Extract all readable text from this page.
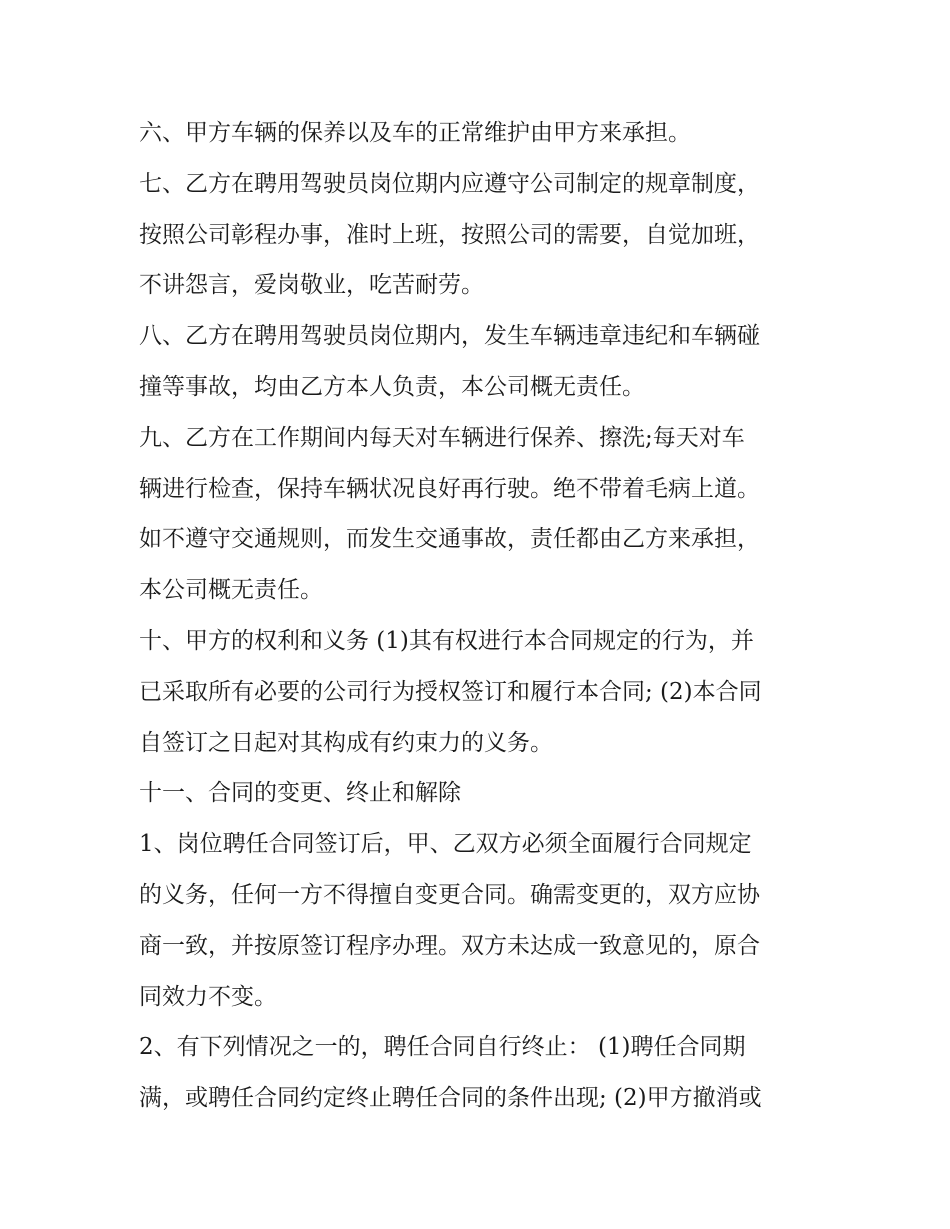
六、甲方车辆的保养以及车的正常维护由甲方来承担。

七、乙方在聘用驾驶员岗位期内应遵守公司制定的规章制度，

按照公司彰程办事，准时上班，按照公司的需要，自觉加班，

不讲怨言，爱岗敬业，吃苦耐劳。

八、乙方在聘用驾驶员岗位期内，发生车辆违章违纪和车辆碰

撞等事故，均由乙方本人负责，本公司概无责任。

九、乙方在工作期间内每天对车辆进行保养、擦洗;每天对车

辆进行检查，保持车辆状况良好再行驶。绝不带着毛病上道。

如不遵守交通规则，而发生交通事故，责任都由乙方来承担，

本公司概无责任。

十、甲方的权利和义务 (1)其有权进行本合同规定的行为，并

已采取所有必要的公司行为授权签订和履行本合同; (2)本合同

自签订之日起对其构成有约束力的义务。

十一、合同的变更、终止和解除

1、岗位聘任合同签订后，甲、乙双方必须全面履行合同规定

的义务，任何一方不得擅自变更合同。确需变更的，双方应协

商一致，并按原签订程序办理。双方未达成一致意见的，原合

同效力不变。

2、有下列情况之一的，聘任合同自行终止： (1)聘任合同期

满，或聘任合同约定终止聘任合同的条件出现; (2)甲方撤消或
